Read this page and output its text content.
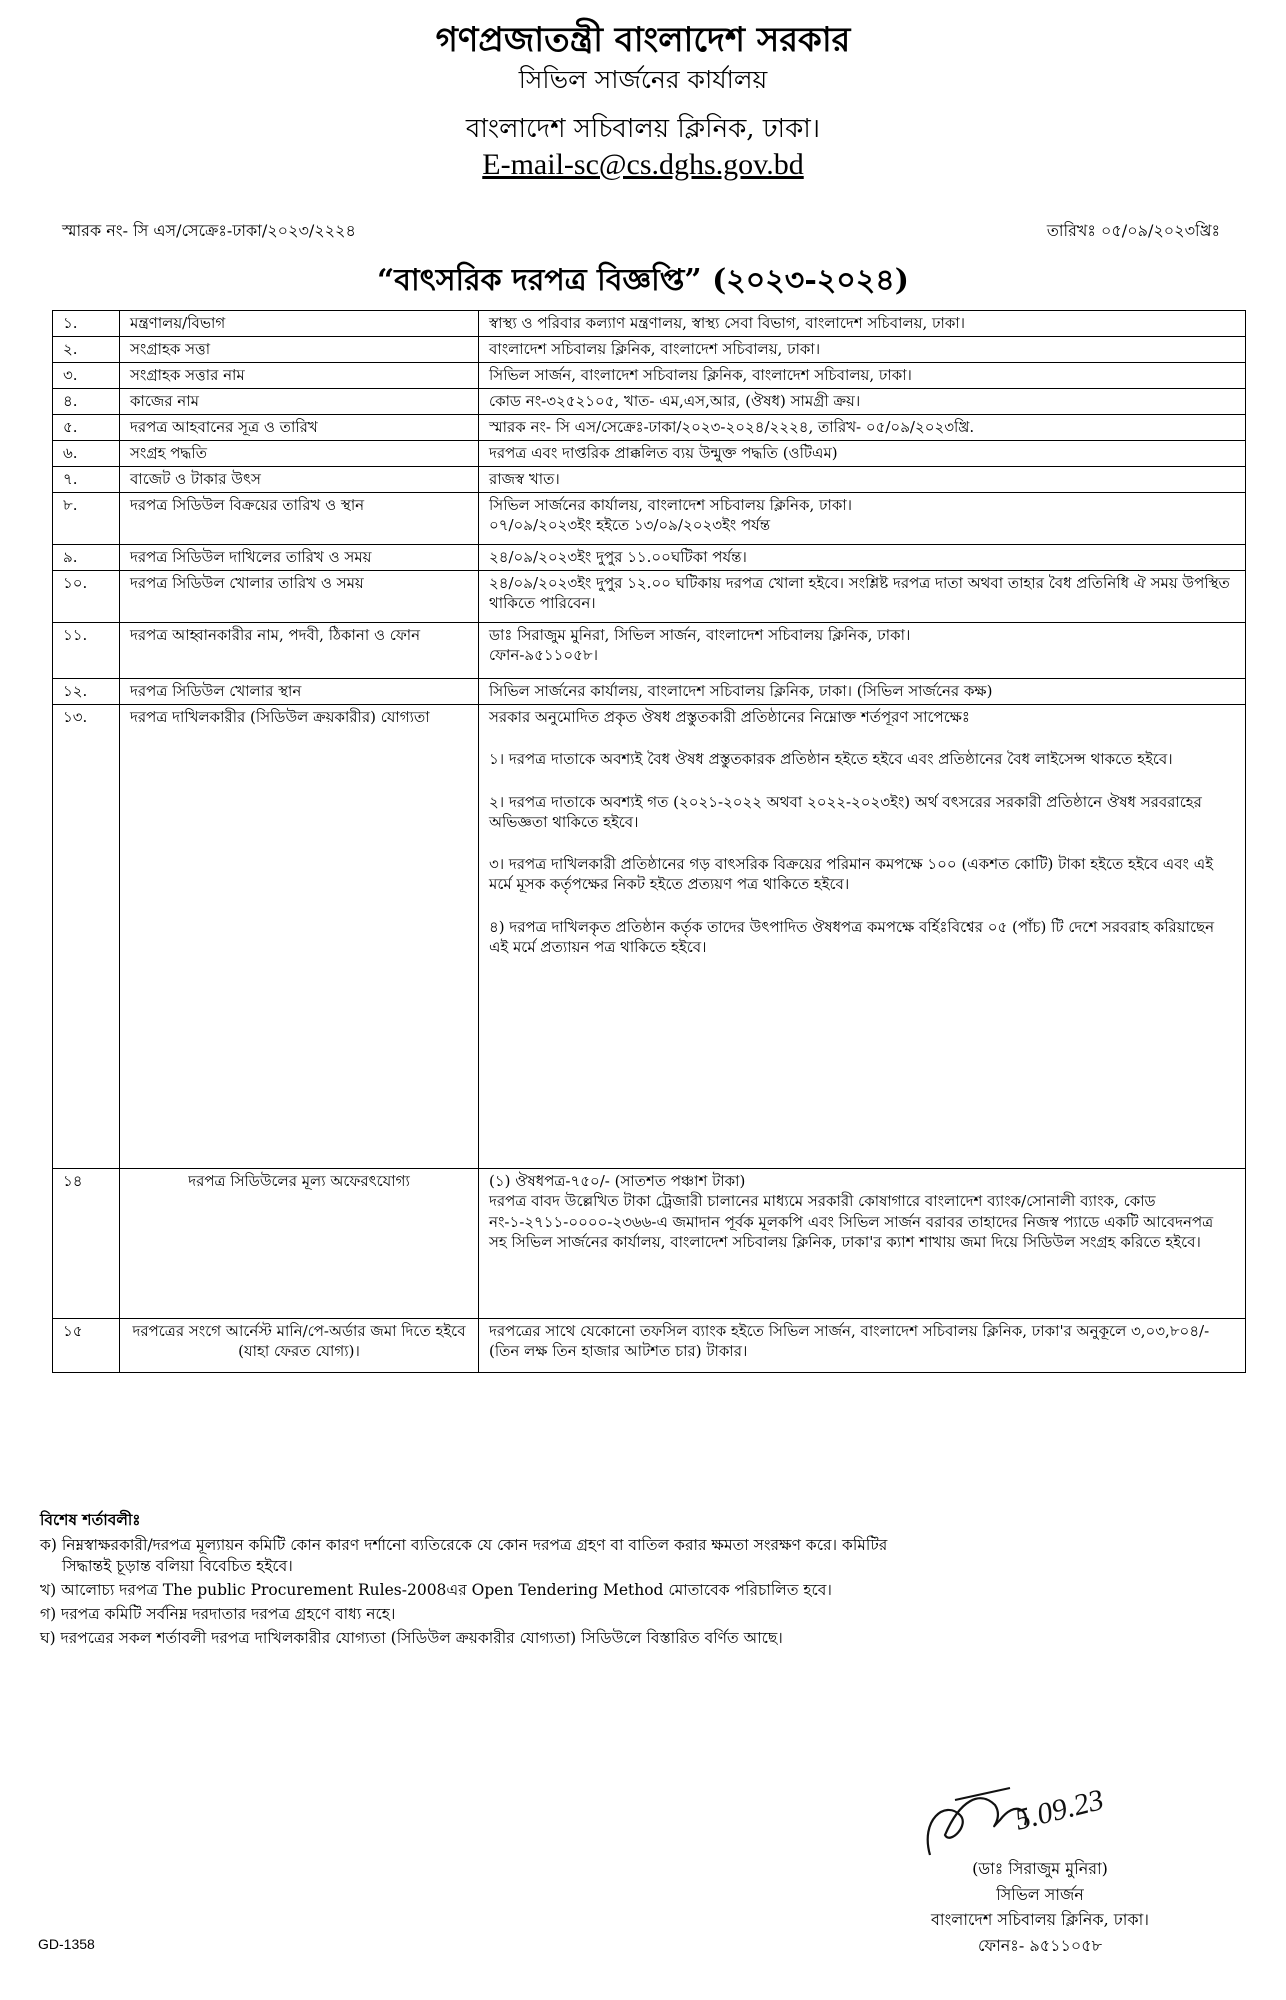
গণপ্রজাতন্ত্রী বাংলাদেশ সরকার
সিভিল সার্জনের কার্যালয়
বাংলাদেশ সচিবালয় ক্লিনিক, ঢাকা।
E-mail-sc@cs.dghs.gov.bd
স্মারক নং- সি এস/সেক্রেঃ-ঢাকা/২০২৩/২২২৪	তারিখঃ ০৫/০৯/২০২৩খ্রিঃ
“বাৎসরিক দরপত্র বিজ্ঞপ্তি” (২০২৩-২০২৪)
১.	মন্ত্রণালয়/বিভাগ	স্বাস্থ্য ও পরিবার কল্যাণ মন্ত্রণালয়, স্বাস্থ্য সেবা বিভাগ, বাংলাদেশ সচিবালয়, ঢাকা।
২.	সংগ্রাহক সত্তা	বাংলাদেশ সচিবালয় ক্লিনিক, বাংলাদেশ সচিবালয়, ঢাকা।
৩.	সংগ্রাহক সত্তার নাম	সিভিল সার্জন, বাংলাদেশ সচিবালয় ক্লিনিক, বাংলাদেশ সচিবালয়, ঢাকা।
৪.	কাজের নাম	কোড নং-৩২৫২১০৫, খাত- এম,এস,আর, (ঔষধ) সামগ্রী ক্রয়।
৫.	দরপত্র আহবানের সূত্র ও তারিখ	স্মারক নং- সি এস/সেক্রেঃ-ঢাকা/২০২৩-২০২৪/২২২৪, তারিখ- ০৫/০৯/২০২৩খ্রি.
৬.	সংগ্রহ পদ্ধতি	দরপত্র এবং দাপ্তরিক প্রাক্কলিত ব্যয় উন্মুক্ত পদ্ধতি (ওটিএম)
৭.	বাজেট ও টাকার উৎস	রাজস্ব খাত।
৮.	দরপত্র সিডিউল বিক্রয়ের তারিখ ও স্থান	সিভিল সার্জনের কার্যালয়, বাংলাদেশ সচিবালয় ক্লিনিক, ঢাকা।

০৭/০৯/২০২৩ইং হইতে ১৩/০৯/২০২৩ইং পর্যন্ত

৯.	দরপত্র সিডিউল দাখিলের তারিখ ও সময়	২৪/০৯/২০২৩ইং দুপুর ১১.০০ঘটিকা পর্যন্ত।
১০.	দরপত্র সিডিউল খোলার তারিখ ও সময়	২৪/০৯/২০২৩ইং দুপুর ১২.০০ ঘটিকায় দরপত্র খোলা হইবে। সংশ্লিষ্ট দরপত্র দাতা অথবা তাহার বৈধ প্রতিনিধি ঐ সময় উপস্থিত থাকিতে পারিবেন।
১১.	দরপত্র আহ্বানকারীর নাম, পদবী, ঠিকানা ও ফোন	ডাঃ সিরাজুম মুনিরা, সিভিল সার্জন, বাংলাদেশ সচিবালয় ক্লিনিক, ঢাকা।

ফোন-৯৫১১০৫৮।

১২.	দরপত্র সিডিউল খোলার স্থান	সিভিল সার্জনের কার্যালয়, বাংলাদেশ সচিবালয় ক্লিনিক, ঢাকা। (সিভিল সার্জনের কক্ষ)
১৩.	দরপত্র দাখিলকারীর (সিডিউল ক্রয়কারীর) যোগ্যতা	সরকার অনুমোদিত প্রকৃত ঔষধ প্রস্তুতকারী প্রতিষ্ঠানের নিম্নোক্ত শর্তপূরণ সাপেক্ষেঃ

১। দরপত্র দাতাকে অবশ্যই বৈধ ঔষধ প্রস্তুতকারক প্রতিষ্ঠান হইতে হইবে এবং প্রতিষ্ঠানের বৈধ লাইসেন্স থাকতে হইবে।

২। দরপত্র দাতাকে অবশ্যই গত (২০২১-২০২২ অথবা ২০২২-২০২৩ইং) অর্থ বৎসরের সরকারী প্রতিষ্ঠানে ঔষধ সরবরাহের অভিজ্ঞতা থাকিতে হইবে।

৩। দরপত্র দাখিলকারী প্রতিষ্ঠানের গড় বাৎসরিক বিক্রয়ের পরিমান কমপক্ষে ১০০ (একশত কোটি) টাকা হইতে হইবে এবং এই মর্মে মূসক কর্তৃপক্ষের নিকট হইতে প্রত্যয়ণ পত্র থাকিতে হইবে।

৪) দরপত্র দাখিলকৃত প্রতিষ্ঠান কর্তৃক তাদের উৎপাদিত ঔষধপত্র কমপক্ষে বর্হিঃবিশ্বের ০৫ (পাঁচ) টি দেশে সরবরাহ করিয়াছেন এই মর্মে প্রত্যায়ন পত্র থাকিতে হইবে।

১৪	দরপত্র সিডিউলের মূল্য অফেরৎযোগ্য	(১) ঔষধপত্র-৭৫০/- (সাতশত পঞ্চাশ টাকা)

দরপত্র বাবদ উল্লেখিত টাকা ট্রেজারী চালানের মাধ্যমে সরকারী কোষাগারে বাংলাদেশ ব্যাংক/সোনালী ব্যাংক, কোড নং-১-২৭১১-০০০০-২৩৬৬-এ জমাদান পূর্বক মূলকপি এবং সিভিল সার্জন বরাবর তাহাদের নিজস্ব প্যাডে একটি আবেদনপত্র সহ সিভিল সার্জনের কার্যালয়, বাংলাদেশ সচিবালয় ক্লিনিক, ঢাকা'র ক্যাশ শাখায় জমা দিয়ে সিডিউল সংগ্রহ করিতে হইবে।

১৫	দরপত্রের সংগে আর্নেস্ট মানি/পে-অর্ডার জমা দিতে হইবে (যাহা ফেরত যোগ্য)।	দরপত্রের সাথে যেকোনো তফসিল ব্যাংক হইতে সিভিল সার্জন, বাংলাদেশ সচিবালয় ক্লিনিক, ঢাকা'র অনুকূলে ৩,০৩,৮০৪/- (তিন লক্ষ তিন হাজার আটশত চার) টাকার।
বিশেষ শর্তাবলীঃ
ক) নিম্নস্বাক্ষরকারী/দরপত্র মূল্যায়ন কমিটি কোন কারণ দর্শানো ব্যতিরেকে যে কোন দরপত্র গ্রহণ বা বাতিল করার ক্ষমতা সংরক্ষণ করে। কমিটির
সিদ্ধান্তই চূড়ান্ত বলিয়া বিবেচিত হইবে।
খ) আলোচ্য দরপত্র The public Procurement Rules-2008এর Open Tendering Method মোতাবেক পরিচালিত হবে।
গ) দরপত্র কমিটি সর্বনিম্ন দরদাতার দরপত্র গ্রহণে বাধ্য নহে।
ঘ) দরপত্রের সকল শর্তাবলী দরপত্র দাখিলকারীর যোগ্যতা (সিডিউল ক্রয়কারীর যোগ্যতা) সিডিউলে বিস্তারিত বর্ণিত আছে।
5.09.23
(ডাঃ সিরাজুম মুনিরা)
সিভিল সার্জন
বাংলাদেশ সচিবালয় ক্লিনিক, ঢাকা।
ফোনঃ- ৯৫১১০৫৮
GD-1358
